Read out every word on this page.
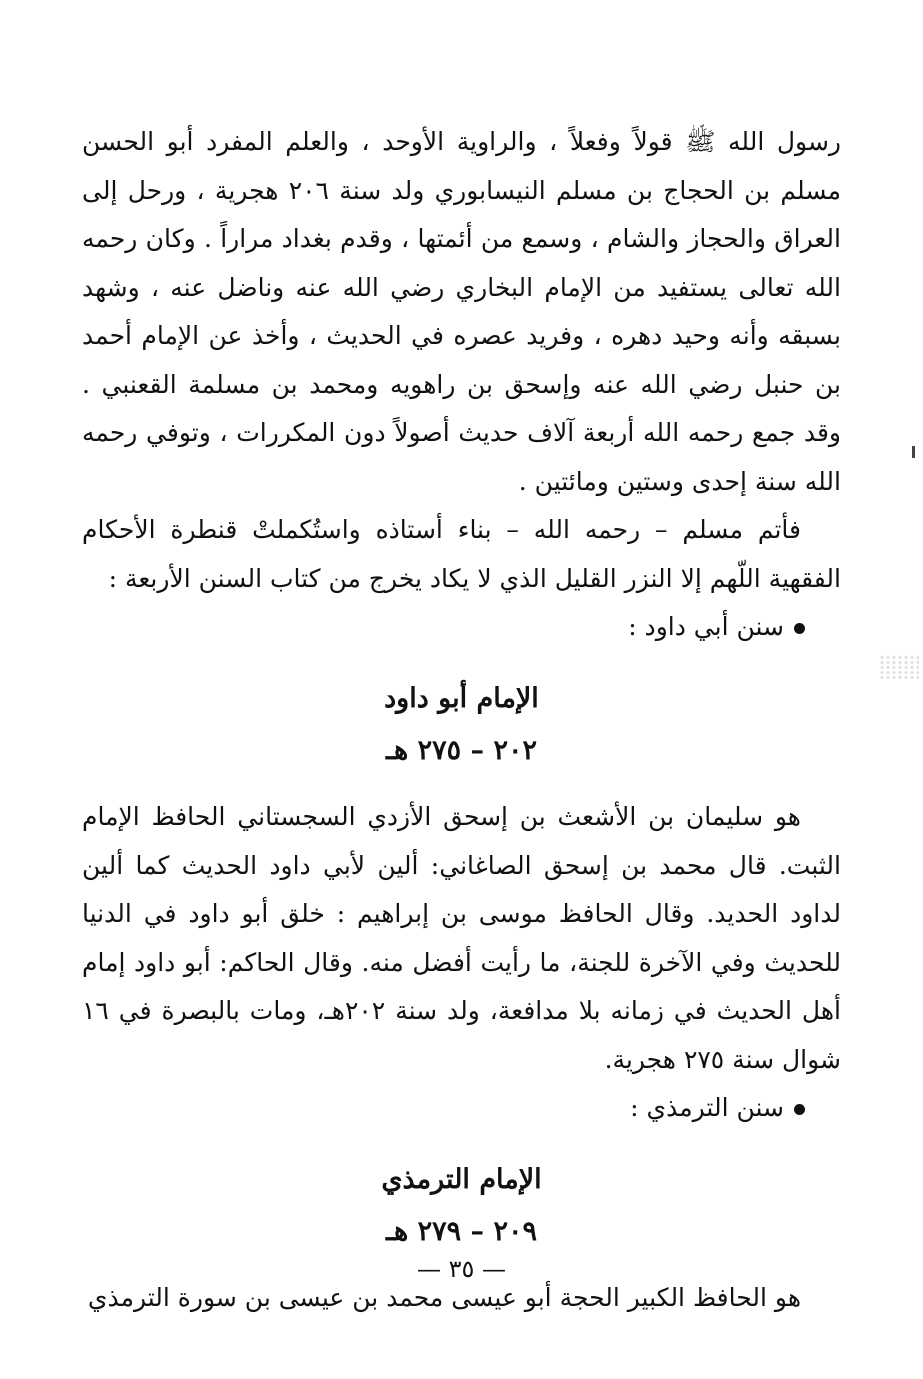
رسول الله ﷺ قولاً وفعلاً ، والراوية الأوحد ، والعلم المفرد أبو الحسن مسلم بن الحجاج بن مسلم النيسابوري ولد سنة ٢٠٦ هجرية ، ورحل إلى العراق والحجاز والشام ، وسمع من أئمتها ، وقدم بغداد مراراً . وكان رحمه الله تعالى يستفيد من الإمام البخاري رضي الله عنه وناضل عنه ، وشهد بسبقه وأنه وحيد دهره ، وفريد عصره في الحديث ، وأخذ عن الإمام أحمد بن حنبل رضي الله عنه وإسحق بن راهويه ومحمد بن مسلمة القعنبي . وقد جمع رحمه الله أربعة آلاف حديث أصولاً دون المكررات ، وتوفي رحمه الله سنة إحدى وستين ومائتين .

فأتم مسلم – رحمه الله – بناء أستاذه واستُكملتْ قنطرة الأحكام الفقهية اللّهم إلا النزر القليل الذي لا يكاد يخرج من كتاب السنن الأربعة :

سنن أبي داود :

الإمام أبو داود
٢٠٢ – ٢٧٥ هـ

هو سليمان بن الأشعث بن إسحق الأزدي السجستاني الحافظ الإمام الثبت. قال محمد بن إسحق الصاغاني: ألين لأبي داود الحديث كما ألين لداود الحديد. وقال الحافظ موسى بن إبراهيم : خلق أبو داود في الدنيا للحديث وفي الآخرة للجنة، ما رأيت أفضل منه. وقال الحاكم: أبو داود إمام أهل الحديث في زمانه بلا مدافعة، ولد سنة ٢٠٢هـ، ومات بالبصرة في ١٦ شوال سنة ٢٧٥ هجرية.

سنن الترمذي :

الإمام الترمذي
٢٠٩ – ٢٧٩ هـ

هو الحافظ الكبير الحجة أبو عيسى محمد بن عيسى بن سورة الترمذي

— ٣٥ —
